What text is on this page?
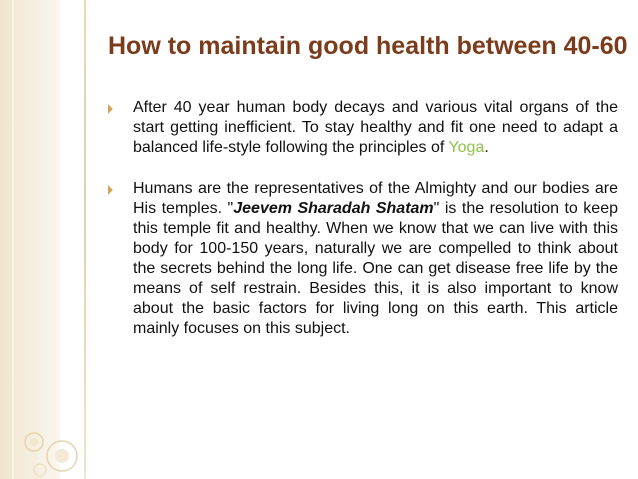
How to maintain good health between 40-60

After 40 year human body decays and various vital organs of the start getting inefficient. To stay healthy and fit one need to adapt a balanced life-style following the principles of Yoga.

Humans are the representatives of the Almighty and our bodies are His temples. "Jeevem Sharadah Shatam" is the resolution to keep this temple fit and healthy. When we know that we can live with this body for 100-150 years, naturally we are compelled to think about the secrets behind the long life. One can get disease free life by the means of self restrain. Besides this, it is also important to know about the basic factors for living long on this earth. This article mainly focuses on this subject.
